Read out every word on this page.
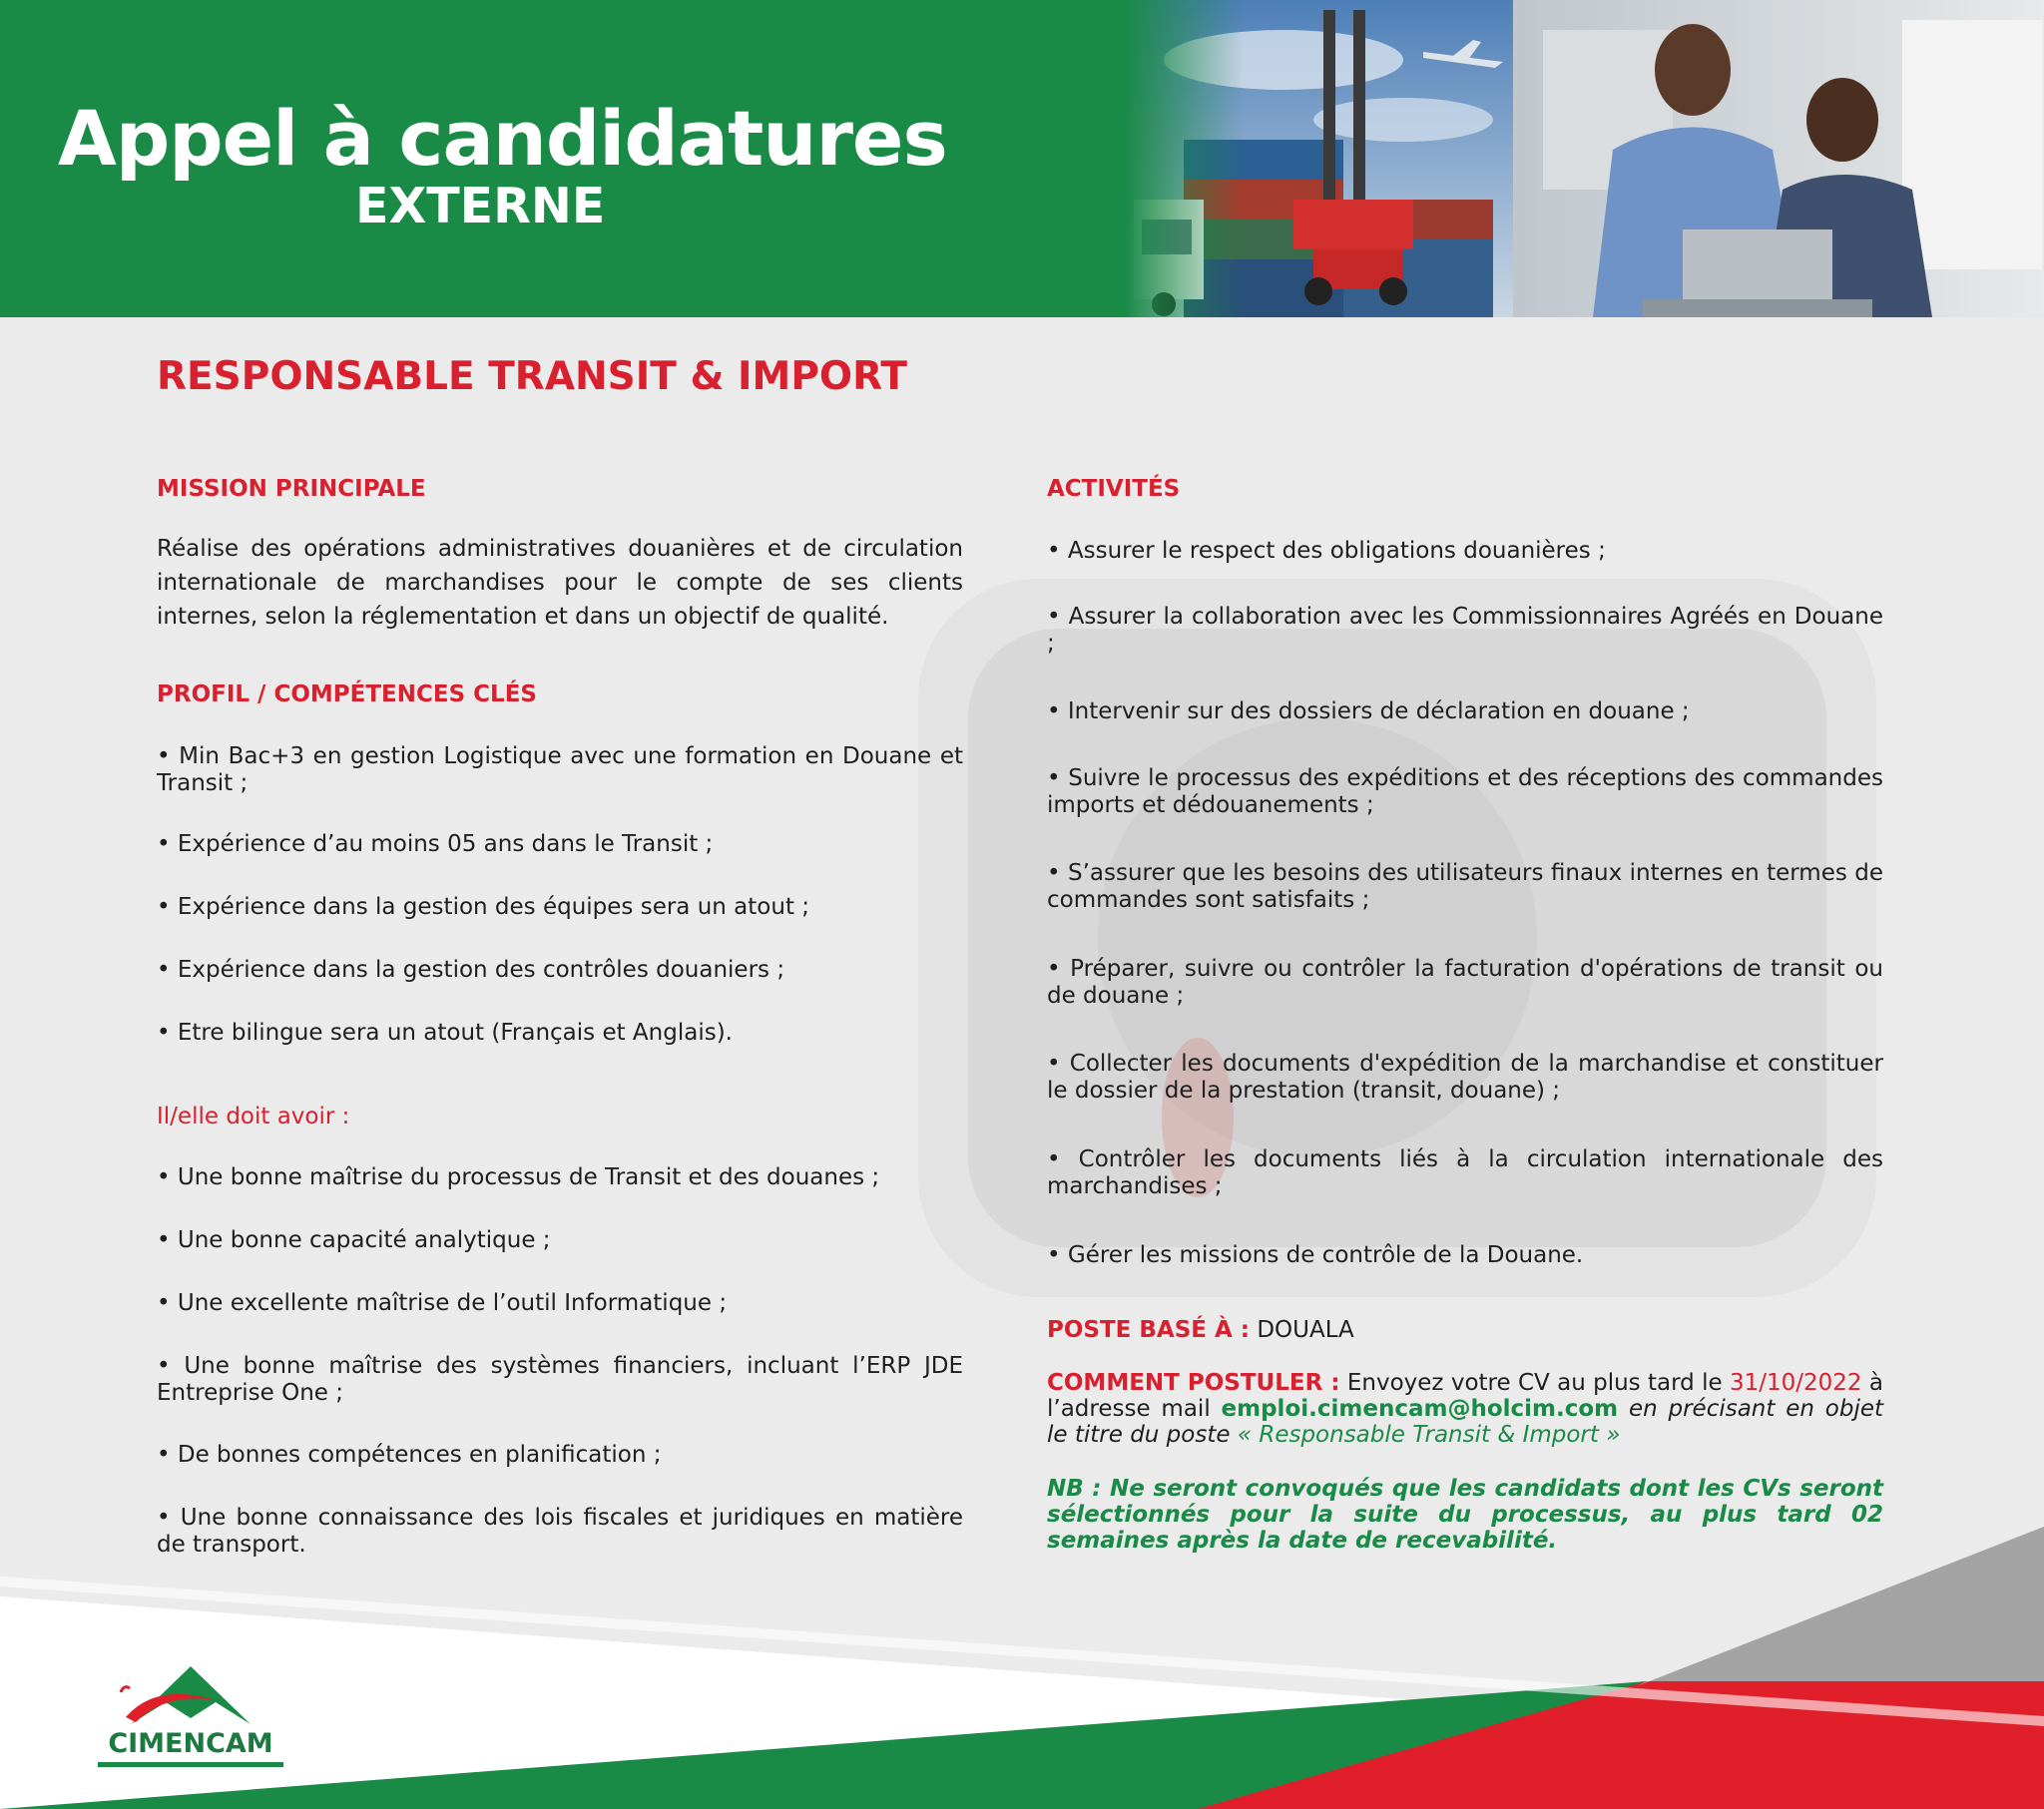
Appel à candidatures
EXTERNE
RESPONSABLE TRANSIT & IMPORT
MISSION PRINCIPALE
Réalise des opérations administratives douanières et de circulation internationale de marchandises pour le compte de ses clients internes, selon la réglementation et dans un objectif de qualité.
PROFIL / COMPÉTENCES CLÉS
• Min Bac+3 en gestion Logistique avec une formation en Douane et Transit ;
• Expérience d’au moins 05 ans dans le Transit ;
• Expérience dans la gestion des équipes sera un atout ;
• Expérience dans la gestion des contrôles douaniers ;
• Etre bilingue sera un atout (Français et Anglais).
Il/elle doit avoir :
• Une bonne maîtrise du processus de Transit et des douanes ;
• Une bonne capacité analytique ;
• Une excellente maîtrise de l’outil Informatique ;
• Une bonne maîtrise des systèmes financiers, incluant l’ERP JDE Entreprise One ;
• De bonnes compétences en planification ;
• Une bonne connaissance des lois fiscales et juridiques en matière de transport.
ACTIVITÉS
• Assurer le respect des obligations douanières ;
• Assurer la collaboration avec les Commissionnaires Agréés en Douane ;
• Intervenir sur des dossiers de déclaration en douane ;
• Suivre le processus des expéditions et des réceptions des commandes imports et dédouanements ;
• S’assurer que les besoins des utilisateurs finaux internes en termes de commandes sont satisfaits ;
• Préparer, suivre ou contrôler la facturation d'opérations de transit ou de douane ;
• Collecter les documents d'expédition de la marchandise et constituer le dossier de la prestation (transit, douane) ;
• Contrôler les documents liés à la circulation internationale des marchandises ;
• Gérer les missions de contrôle de la Douane.
POSTE BASÉ À : DOUALA
COMMENT POSTULER : Envoyez votre CV au plus tard le 31/10/2022 à l’adresse mail emploi.cimencam@holcim.com en précisant en objet le titre du poste « Responsable Transit & Import »
NB : Ne seront convoqués que les candidats dont les CVs seront sélectionnés pour la suite du processus, au plus tard 02 semaines après la date de recevabilité.
CIMENCAM
